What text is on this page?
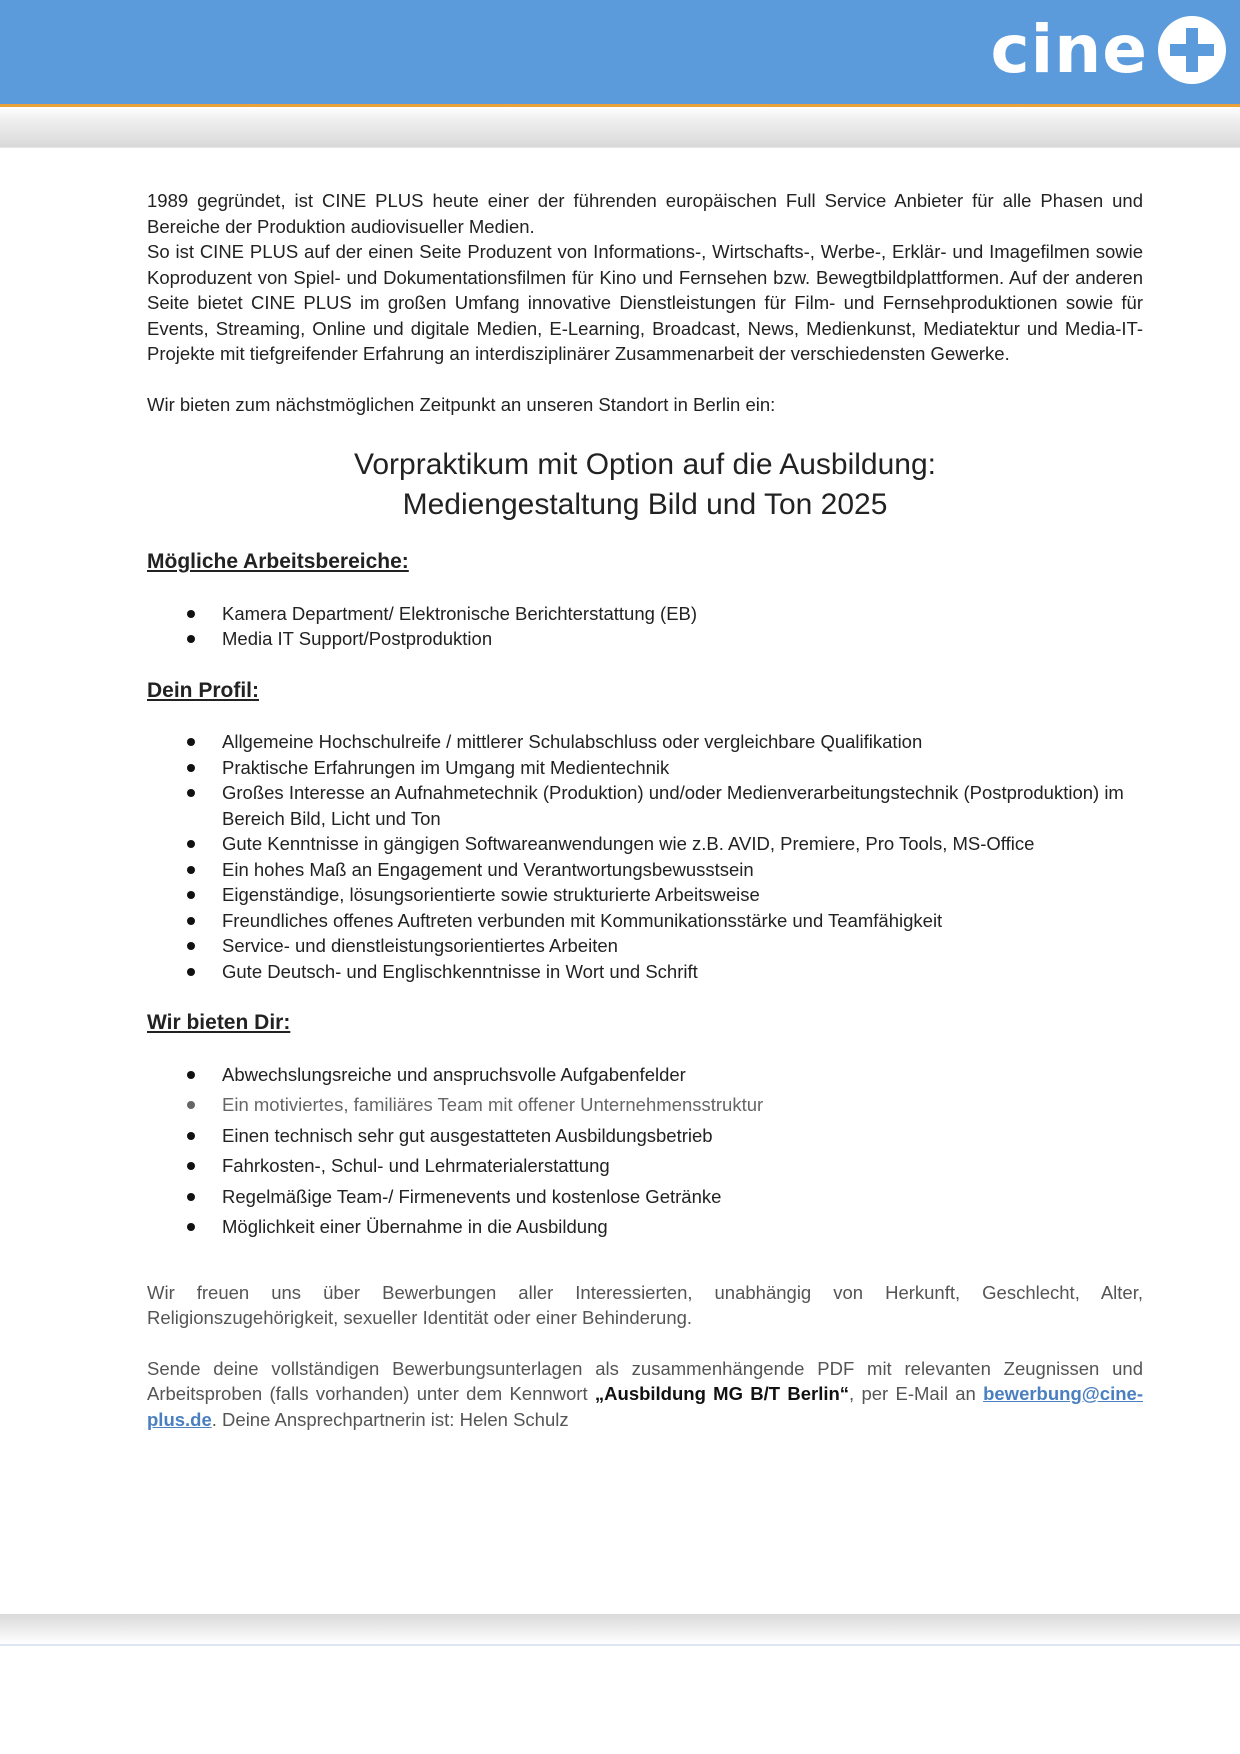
cine

1989 gegründet, ist CINE PLUS heute einer der führenden europäischen Full Service Anbieter für alle Phasen und Bereiche der Produktion audiovisueller Medien.

So ist CINE PLUS auf der einen Seite Produzent von Informations-, Wirtschafts-, Werbe-, Erklär- und Imagefilmen sowie Koproduzent von Spiel- und Dokumentationsfilmen für Kino und Fernsehen bzw. Bewegtbildplattformen. Auf der anderen Seite bietet CINE PLUS im großen Umfang innovative Dienstleistungen für Film- und Fernsehproduktionen sowie für Events, Streaming, Online und digitale Medien, E-Learning, Broadcast, News, Medienkunst, Mediatektur und Media-IT-Projekte mit tiefgreifender Erfahrung an interdisziplinärer Zusammenarbeit der verschiedensten Gewerke.

Wir bieten zum nächstmöglichen Zeitpunkt an unseren Standort in Berlin ein:

Vorpraktikum mit Option auf die Ausbildung:
Mediengestaltung Bild und Ton 2025
Mögliche Arbeitsbereiche:
Kamera Department/ Elektronische Berichterstattung (EB)
Media IT Support/Postproduktion
Dein Profil:
Allgemeine Hochschulreife / mittlerer Schulabschluss oder vergleichbare Qualifikation
Praktische Erfahrungen im Umgang mit Medientechnik
Großes Interesse an Aufnahmetechnik (Produktion) und/oder Medienverarbeitungstechnik (Postproduktion) im Bereich Bild, Licht und Ton
Gute Kenntnisse in gängigen Softwareanwendungen wie z.B. AVID, Premiere, Pro Tools, MS-Office
Ein hohes Maß an Engagement und Verantwortungsbewusstsein
Eigenständige, lösungsorientierte sowie strukturierte Arbeitsweise
Freundliches offenes Auftreten verbunden mit Kommunikationsstärke und Teamfähigkeit
Service- und dienstleistungsorientiertes Arbeiten
Gute Deutsch- und Englischkenntnisse in Wort und Schrift
Wir bieten Dir:
Abwechslungsreiche und anspruchsvolle Aufgabenfelder
Ein motiviertes, familiäres Team mit offener Unternehmensstruktur
Einen technisch sehr gut ausgestatteten Ausbildungsbetrieb
Fahrkosten-, Schul- und Lehrmaterialerstattung
Regelmäßige Team-/ Firmenevents und kostenlose Getränke
Möglichkeit einer Übernahme in die Ausbildung

Wir freuen uns über Bewerbungen aller Interessierten, unabhängig von Herkunft, Geschlecht, Alter, Religionszugehörigkeit, sexueller Identität oder einer Behinderung.

Sende deine vollständigen Bewerbungsunterlagen als zusammenhängende PDF mit relevanten Zeugnissen und Arbeitsproben (falls vorhanden) unter dem Kennwort „Ausbildung MG B/T Berlin“, per E-Mail an bewerbung@cine-plus.de. Deine Ansprechpartnerin ist: Helen Schulz
